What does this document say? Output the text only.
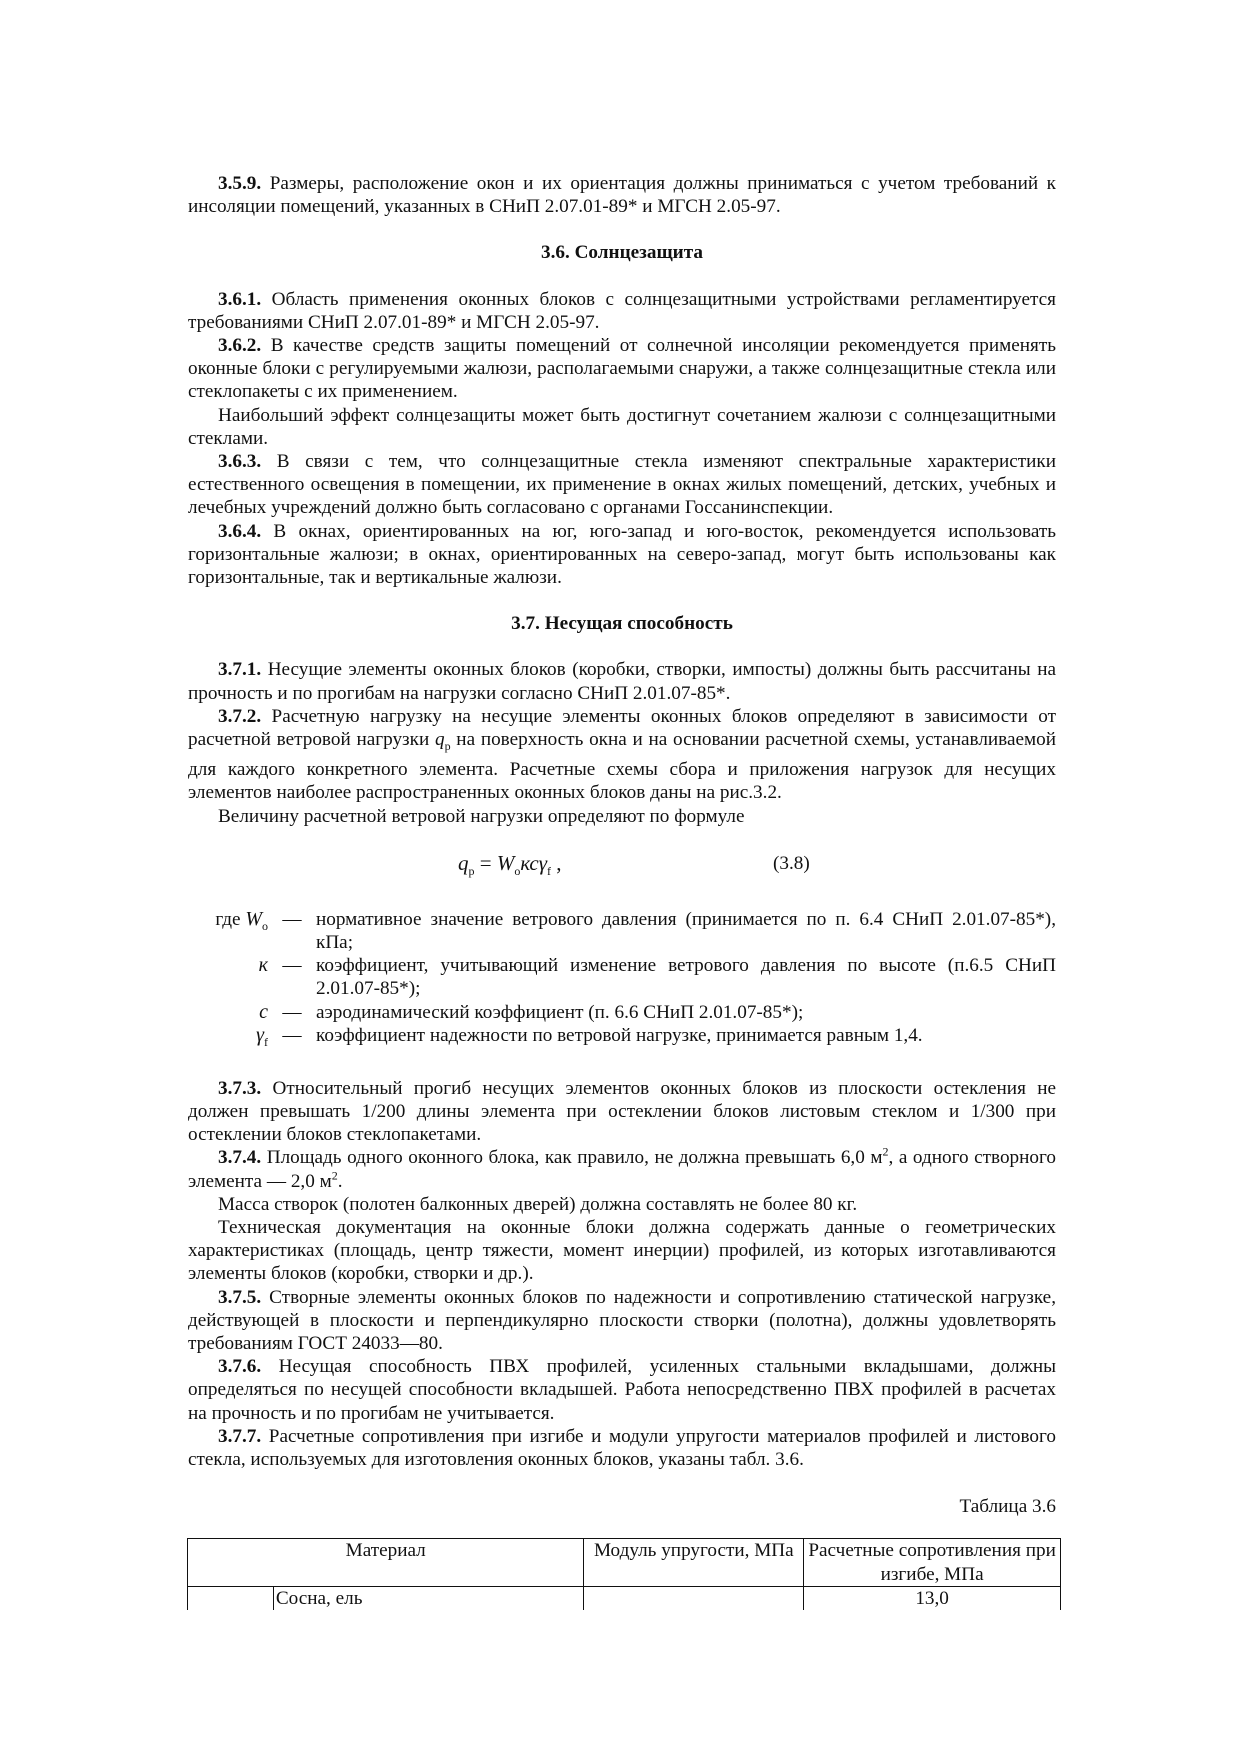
3.5.9. Размеры, расположение окон и их ориентация должны приниматься с учетом требований к инсоляции помещений, указанных в СНиП 2.07.01-89* и МГСН 2.05-97.

3.6. Солнцезащита

3.6.1. Область применения оконных блоков с солнцезащитными устройствами регламентируется требованиями СНиП 2.07.01-89* и МГСН 2.05-97.

3.6.2. В качестве средств защиты помещений от солнечной инсоляции рекомендуется применять оконные блоки с регулируемыми жалюзи, располагаемыми снаружи, а также солнцезащитные стекла или стеклопакеты с их применением.

Наибольший эффект солнцезащиты может быть достигнут сочетанием жалюзи с солнцезащитными стеклами.

3.6.3. В связи с тем, что солнцезащитные стекла изменяют спектральные характеристики естественного освещения в помещении, их применение в окнах жилых помещений, детских, учебных и лечебных учреждений должно быть согласовано с органами Госсанинспекции.

3.6.4. В окнах, ориентированных на юг, юго-запад и юго-восток, рекомендуется использовать горизонтальные жалюзи; в окнах, ориентированных на северо-запад, могут быть использованы как горизонтальные, так и вертикальные жалюзи.

3.7. Несущая способность

3.7.1. Несущие элементы оконных блоков (коробки, створки, импосты) должны быть рассчитаны на прочность и по прогибам на нагрузки согласно СНиП 2.01.07-85*.

3.7.2. Расчетную нагрузку на несущие элементы оконных блоков определяют в зависимости от расчетной ветровой нагрузки $q_р$ на поверхность окна и на основании расчетной схемы, устанавливаемой для каждого конкретного элемента. Расчетные схемы сбора и приложения нагрузок для несущих элементов наиболее распространенных оконных блоков даны на рис.3.2.

Величину расчетной ветровой нагрузки определяют по формуле

$q_р = W_окс\gamma_f$ ,	(3.8)
где $W_о$ — нормативное значение ветрового давления (принимается по п. 6.4 СНиП 2.01.07-85*), кПа;
к — коэффициент, учитывающий изменение ветрового давления по высоте (п.6.5 СНиП 2.01.07-85*);
с — аэродинамический коэффициент (п. 6.6 СНиП 2.01.07-85*);
$\gamma_f$ — коэффициент надежности по ветровой нагрузке, принимается равным 1,4.

3.7.3. Относительный прогиб несущих элементов оконных блоков из плоскости остекления не должен превышать 1/200 длины элемента при остеклении блоков листовым стеклом и 1/300 при остеклении блоков стеклопакетами.

3.7.4. Площадь одного оконного блока, как правило, не должна превышать 6,0 $м^2$, а одного створного элемента — 2,0 $м^2$.

Масса створок (полотен балконных дверей) должна составлять не более 80 кг.

Техническая документация на оконные блоки должна содержать данные о геометрических характеристиках (площадь, центр тяжести, момент инерции) профилей, из которых изготавливаются элементы блоков (коробки, створки и др.).

3.7.5. Створные элементы оконных блоков по надежности и сопротивлению статической нагрузке, действующей в плоскости и перпендикулярно плоскости створки (полотна), должны удовлетворять требованиям ГОСТ 24033—80.

3.7.6. Несущая способность ПВХ профилей, усиленных стальными вкладышами, должны определяться по несущей способности вкладышей. Работа непосредственно ПВХ профилей в расчетах на прочность и по прогибам не учитывается.

3.7.7. Расчетные сопротивления при изгибе и модули упругости материалов профилей и листового стекла, используемых для изготовления оконных блоков, указаны табл. 3.6.

Таблица 3.6
Материал		Модуль упругости, МПа	Расчетные сопротивления при изгибе, МПа
	Сосна, ель		13,0
